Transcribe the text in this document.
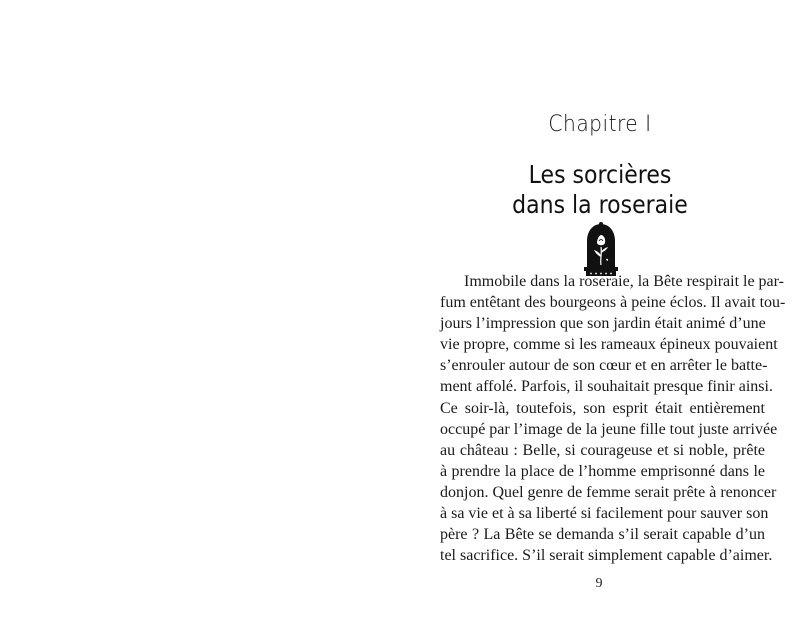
Chapitre I
Les sorcières
dans la roseraie

Immobile dans la roseraie, la Bête respirait le par-
fum entêtant des bourgeons à peine éclos. Il avait tou-
jours l’impression que son jardin était animé d’une
vie propre, comme si les rameaux épineux pouvaient
s’enrouler autour de son cœur et en arrêter le batte-
ment affolé. Parfois, il souhaitait presque finir ainsi.
Ce soir-là, toutefois, son esprit était entièrement
occupé par l’image de la jeune fille tout juste arrivée
au château : Belle, si courageuse et si noble, prête
à prendre la place de l’homme emprisonné dans le
donjon. Quel genre de femme serait prête à renoncer
à sa vie et à sa liberté si facilement pour sauver son
père ? La Bête se demanda s’il serait capable d’un
tel sacrifice. S’il serait simplement capable d’aimer.

9
